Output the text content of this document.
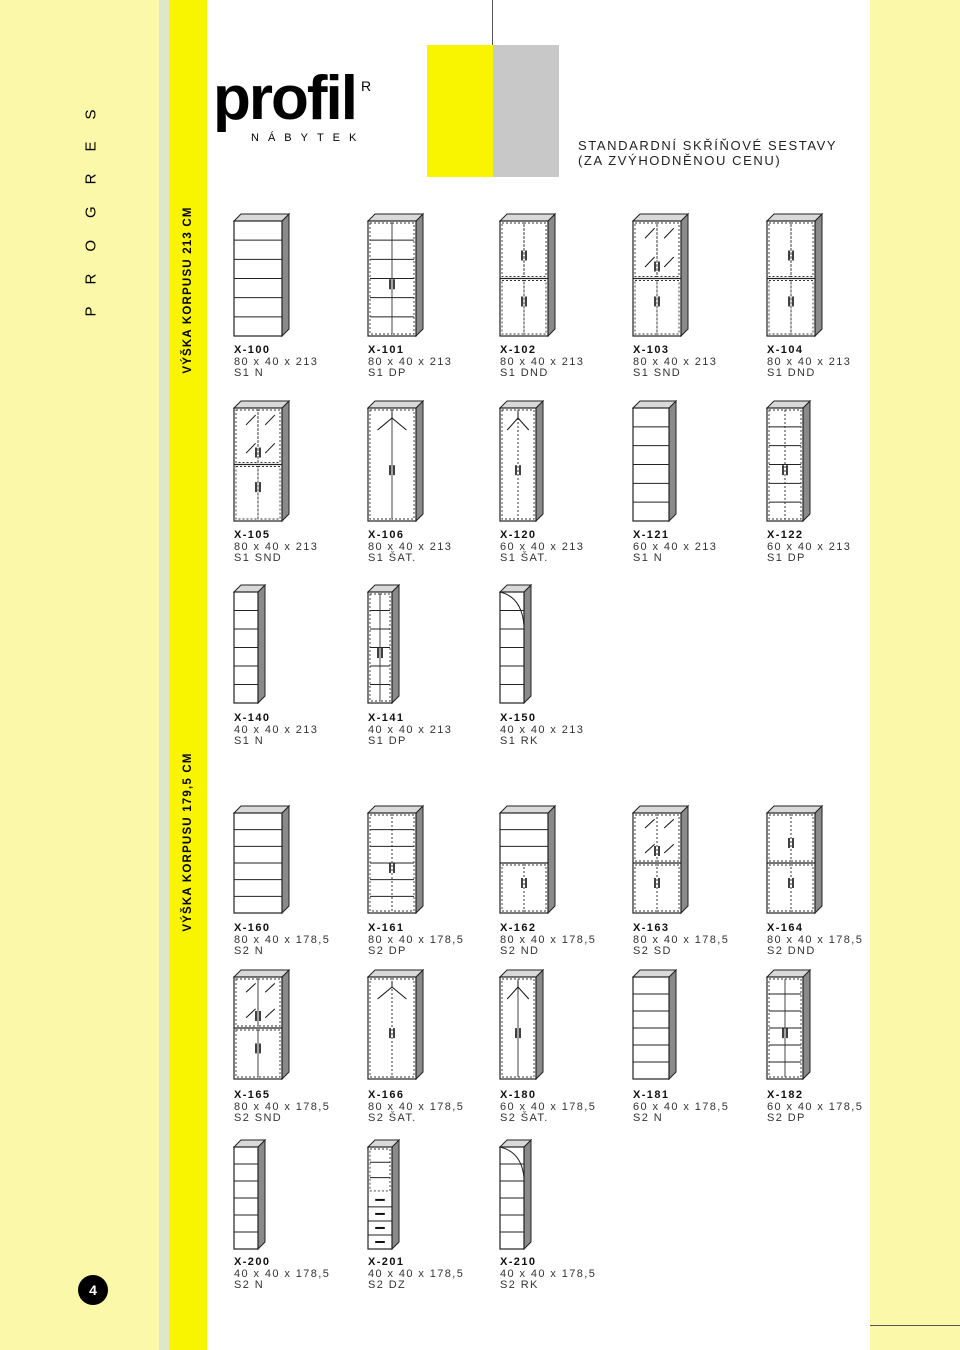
profil R
NÁBYTEK	STANDARDNÍ SKŘÍŇOVÉ SESTAVY
(ZA ZVÝHODNĚNOU CENU)
PROGRES	VÝŠKA KORPUSU 213 CM
VÝŠKA KORPUSU 179,5 CM
4
X-100
80 x 40 x 213
S1 N
X-101
80 x 40 x 213
S1 DP
X-102
80 x 40 x 213
S1 DND
X-103
80 x 40 x 213
S1 SND
X-104
80 x 40 x 213
S1 DND
X-105
80 x 40 x 213
S1 SND
X-106
80 x 40 x 213
S1 ŠAT.
X-120
60 x 40 x 213
S1 ŠAT.
X-121
60 x 40 x 213
S1 N
X-122
60 x 40 x 213
S1 DP
X-140
40 x 40 x 213
S1 N
X-141
40 x 40 x 213
S1 DP
X-150
40 x 40 x 213
S1 RK
X-160
80 x 40 x 178,5
S2 N
X-161
80 x 40 x 178,5
S2 DP
X-162
80 x 40 x 178,5
S2 ND
X-163
80 x 40 x 178,5
S2 SD
X-164
80 x 40 x 178,5
S2 DND
X-165
80 x 40 x 178,5
S2 SND
X-166
80 x 40 x 178,5
S2 ŠAT.
X-180
60 x 40 x 178,5
S2 ŠAT.
X-181
60 x 40 x 178,5
S2 N
X-182
60 x 40 x 178,5
S2 DP
X-200
40 x 40 x 178,5
S2 N
X-201
40 x 40 x 178,5
S2 DZ
X-210
40 x 40 x 178,5
S2 RK
